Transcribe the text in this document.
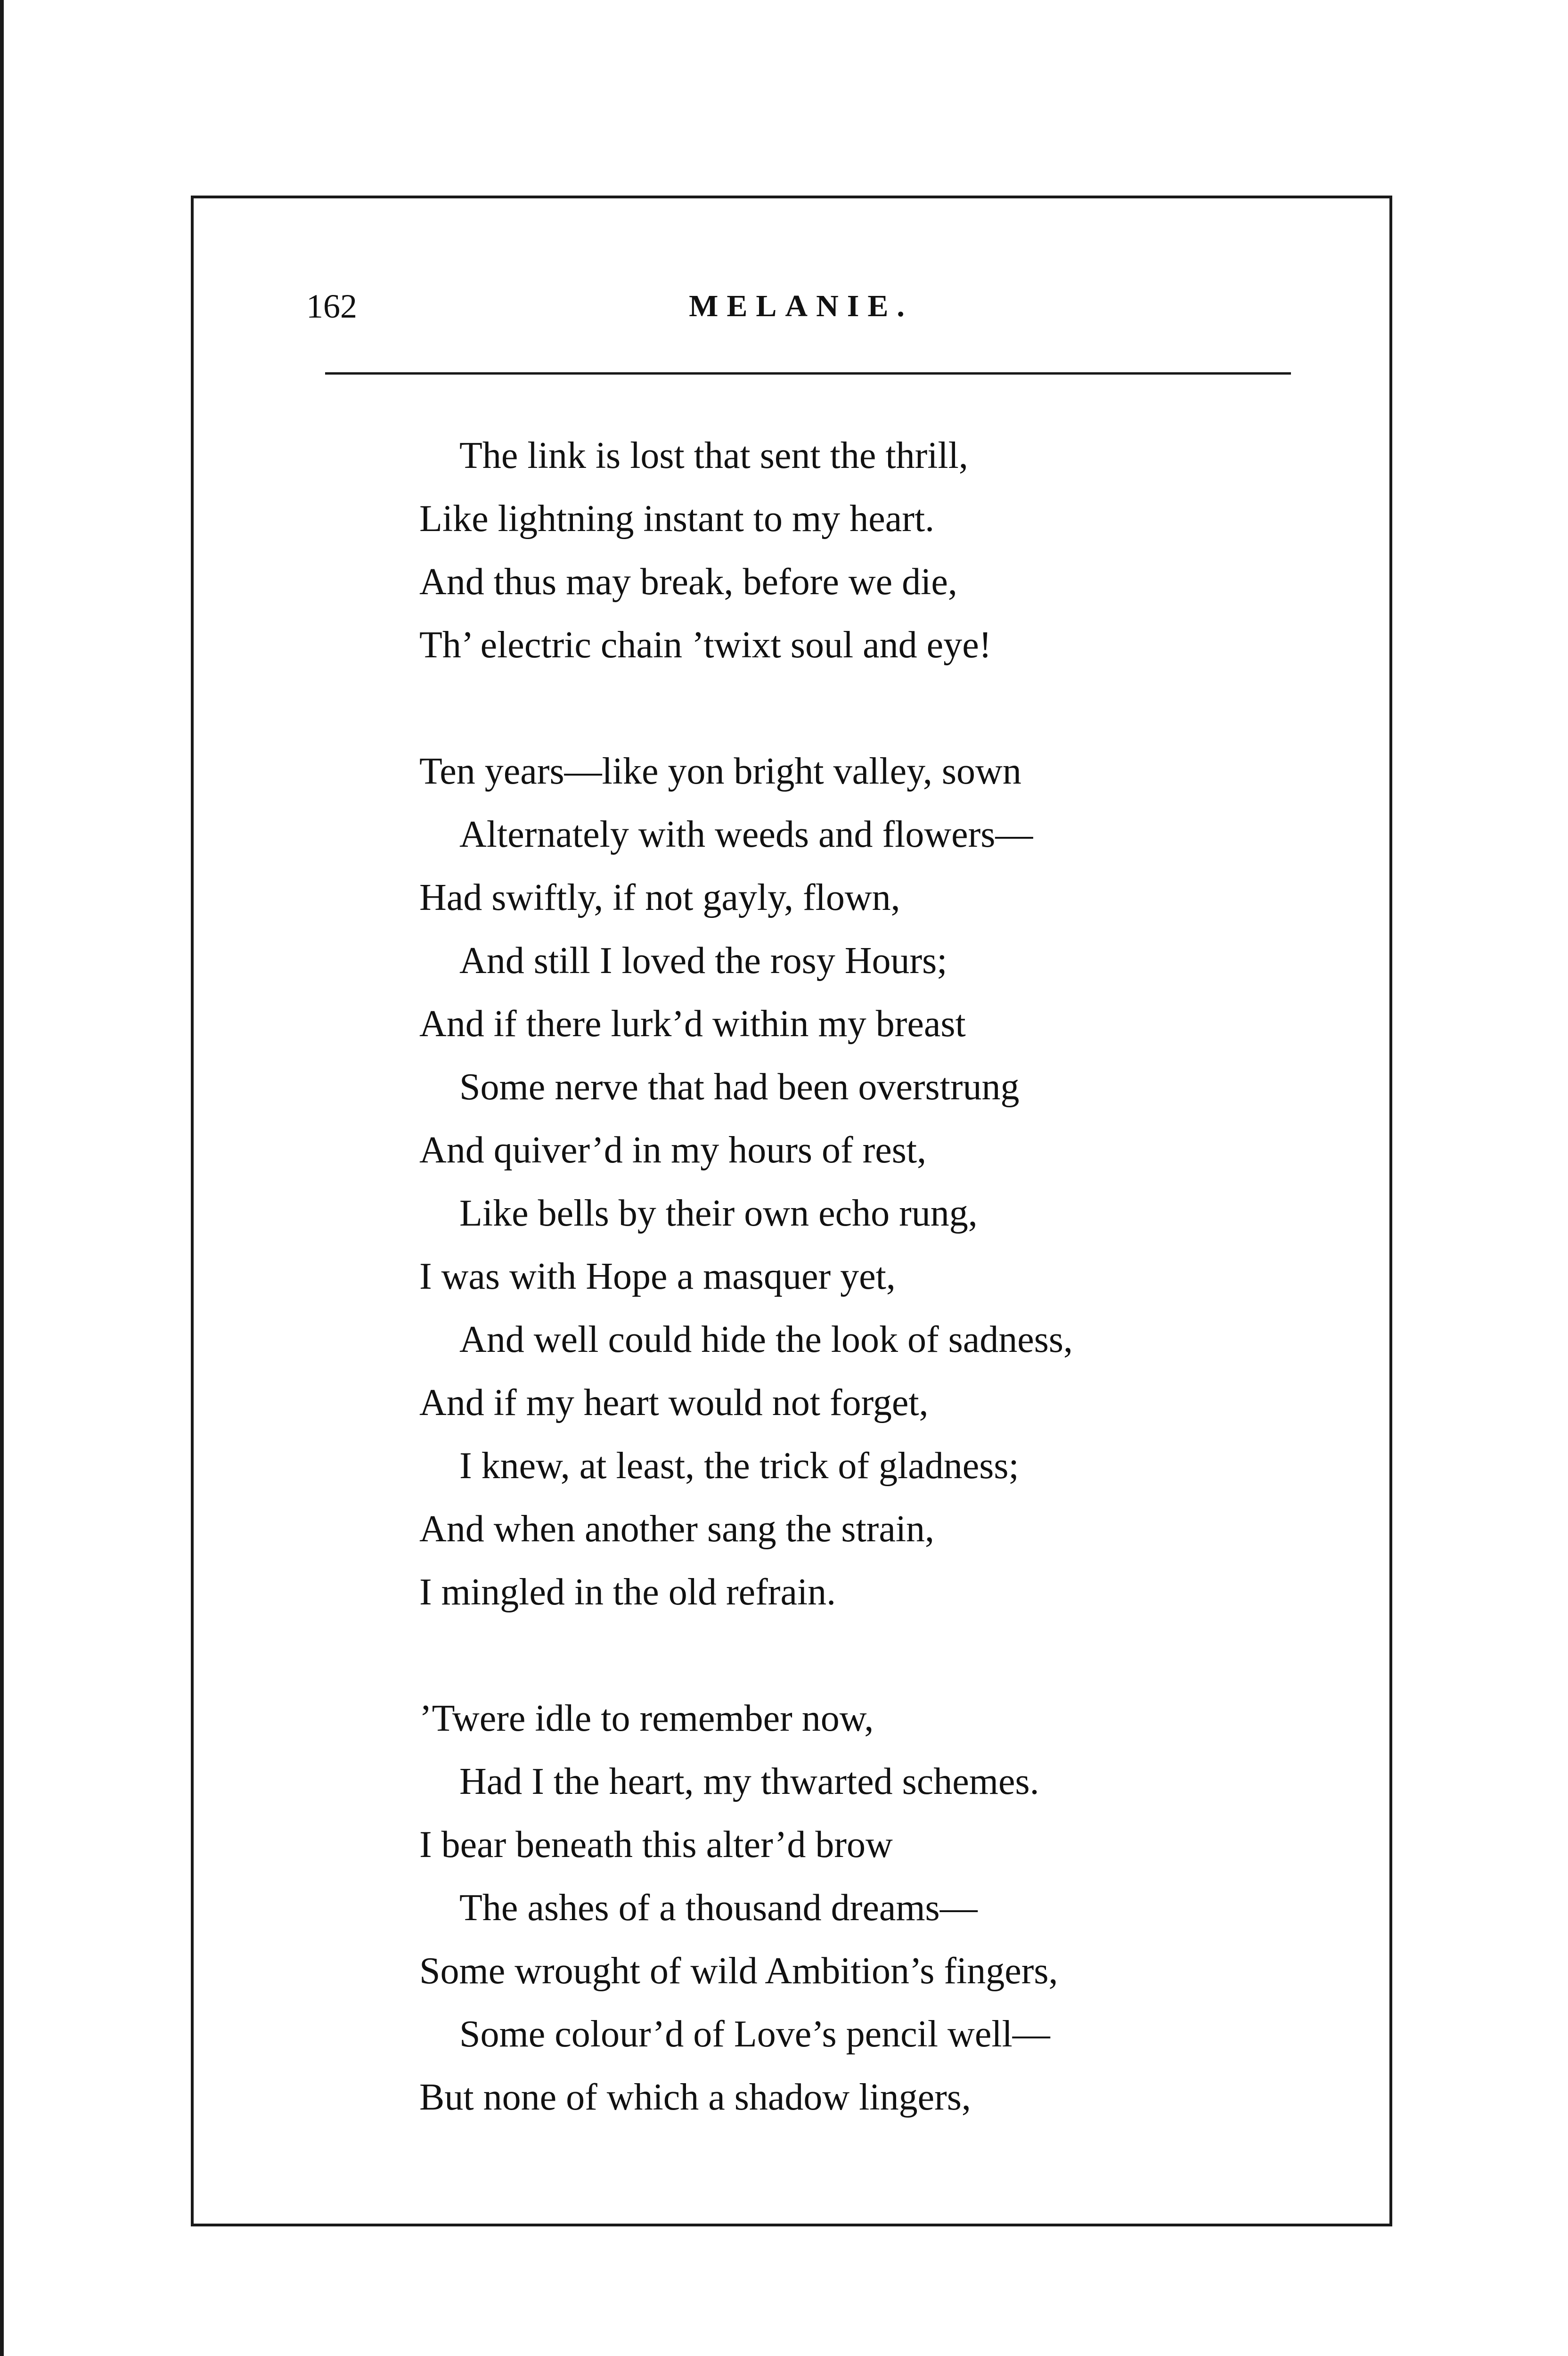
162	MELANIE.
The link is lost that sent the thrill,
Like lightning instant to my heart.
And thus may break, before we die,
Th’ electric chain ’twixt soul and eye!
Ten years—like yon bright valley, sown
Alternately with weeds and flowers—
Had swiftly, if not gayly, flown,
And still I loved the rosy Hours;
And if there lurk’d within my breast
Some nerve that had been overstrung
And quiver’d in my hours of rest,
Like bells by their own echo rung,
I was with Hope a masquer yet,
And well could hide the look of sadness,
And if my heart would not forget,
I knew, at least, the trick of gladness;
And when another sang the strain,
I mingled in the old refrain.
’Twere idle to remember now,
Had I the heart, my thwarted schemes.
I bear beneath this alter’d brow
The ashes of a thousand dreams—
Some wrought of wild Ambition’s fingers,
Some colour’d of Love’s pencil well—
But none of which a shadow lingers,
